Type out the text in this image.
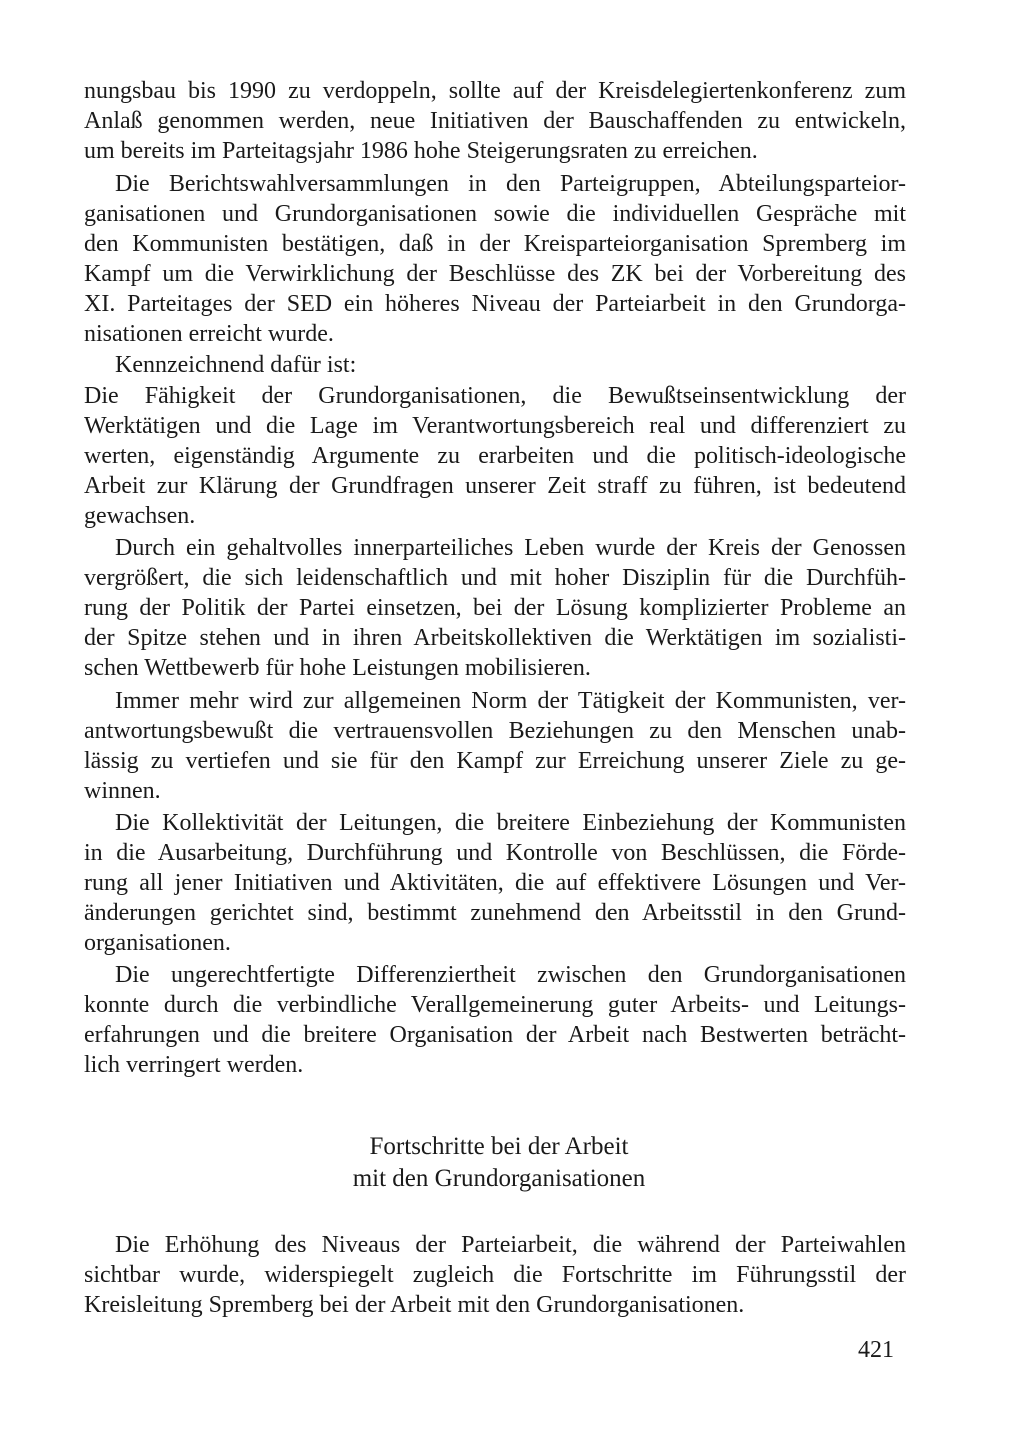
nungsbau bis 1990 zu verdoppeln, sollte auf der Kreisdelegiertenkonferenz zum
Anlaß genommen werden, neue Initiativen der Bauschaffenden zu entwickeln,
um bereits im Parteitagsjahr 1986 hohe Steigerungsraten zu erreichen.
Die Berichtswahlversammlungen in den Parteigruppen, Abteilungsparteior-
ganisationen und Grundorganisationen sowie die individuellen Gespräche mit
den Kommunisten bestätigen, daß in der Kreisparteiorganisation Spremberg im
Kampf um die Verwirklichung der Beschlüsse des ZK bei der Vorbereitung des
XI. Parteitages der SED ein höheres Niveau der Parteiarbeit in den Grundorga-
nisationen erreicht wurde.
Kennzeichnend dafür ist:
Die Fähigkeit der Grundorganisationen, die Bewußtseinsentwicklung der
Werktätigen und die Lage im Verantwortungsbereich real und differenziert zu
werten, eigenständig Argumente zu erarbeiten und die politisch-ideologische
Arbeit zur Klärung der Grundfragen unserer Zeit straff zu führen, ist bedeutend
gewachsen.
Durch ein gehaltvolles innerparteiliches Leben wurde der Kreis der Genossen
vergrößert, die sich leidenschaftlich und mit hoher Disziplin für die Durchfüh-
rung der Politik der Partei einsetzen, bei der Lösung komplizierter Probleme an
der Spitze stehen und in ihren Arbeitskollektiven die Werktätigen im sozialisti-
schen Wettbewerb für hohe Leistungen mobilisieren.
Immer mehr wird zur allgemeinen Norm der Tätigkeit der Kommunisten, ver-
antwortungsbewußt die vertrauensvollen Beziehungen zu den Menschen unab-
lässig zu vertiefen und sie für den Kampf zur Erreichung unserer Ziele zu ge-
winnen.
Die Kollektivität der Leitungen, die breitere Einbeziehung der Kommunisten
in die Ausarbeitung, Durchführung und Kontrolle von Beschlüssen, die Förde-
rung all jener Initiativen und Aktivitäten, die auf effektivere Lösungen und Ver-
änderungen gerichtet sind, bestimmt zunehmend den Arbeitsstil in den Grund-
organisationen.
Die ungerechtfertigte Differenziertheit zwischen den Grundorganisationen
konnte durch die verbindliche Verallgemeinerung guter Arbeits- und Leitungs-
erfahrungen und die breitere Organisation der Arbeit nach Bestwerten beträcht-
lich verringert werden.
Fortschritte bei der Arbeit
mit den Grundorganisationen
Die Erhöhung des Niveaus der Parteiarbeit, die während der Parteiwahlen
sichtbar wurde, widerspiegelt zugleich die Fortschritte im Führungsstil der
Kreisleitung Spremberg bei der Arbeit mit den Grundorganisationen.
421
